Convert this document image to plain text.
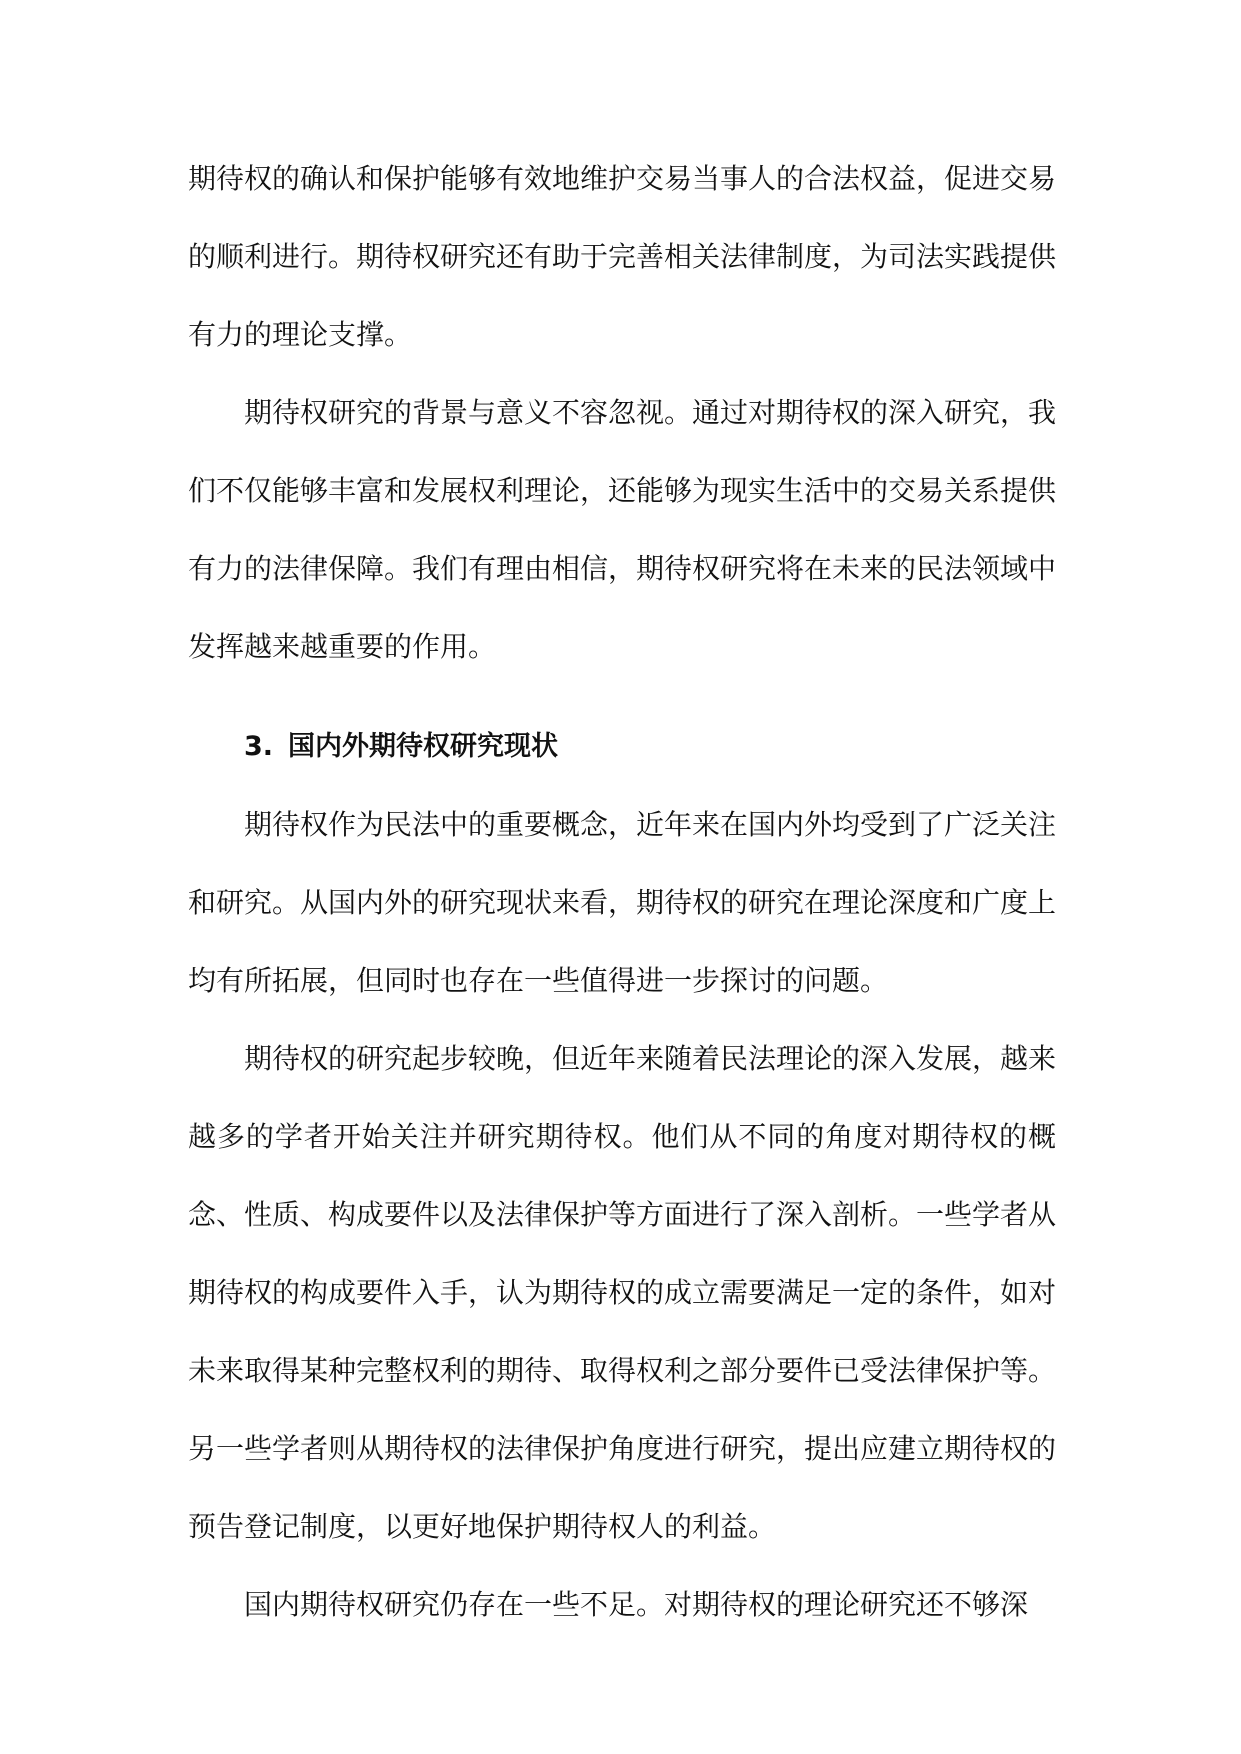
期待权的确认和保护能够有效地维护交易当事人的合法权益，促进交易的顺利进行。期待权研究还有助于完善相关法律制度，为司法实践提供有力的理论支撑。

期待权研究的背景与意义不容忽视。通过对期待权的深入研究，我们不仅能够丰富和发展权利理论，还能够为现实生活中的交易关系提供有力的法律保障。我们有理由相信，期待权研究将在未来的民法领域中发挥越来越重要的作用。

3. 国内外期待权研究现状

期待权作为民法中的重要概念，近年来在国内外均受到了广泛关注和研究。从国内外的研究现状来看，期待权的研究在理论深度和广度上均有所拓展，但同时也存在一些值得进一步探讨的问题。

期待权的研究起步较晚，但近年来随着民法理论的深入发展，越来越多的学者开始关注并研究期待权。他们从不同的角度对期待权的概念、性质、构成要件以及法律保护等方面进行了深入剖析。一些学者从期待权的构成要件入手，认为期待权的成立需要满足一定的条件，如对未来取得某种完整权利的期待、取得权利之部分要件已受法律保护等。另一些学者则从期待权的法律保护角度进行研究，提出应建立期待权的预告登记制度，以更好地保护期待权人的利益。

国内期待权研究仍存在一些不足。对期待权的理论研究还不够深
